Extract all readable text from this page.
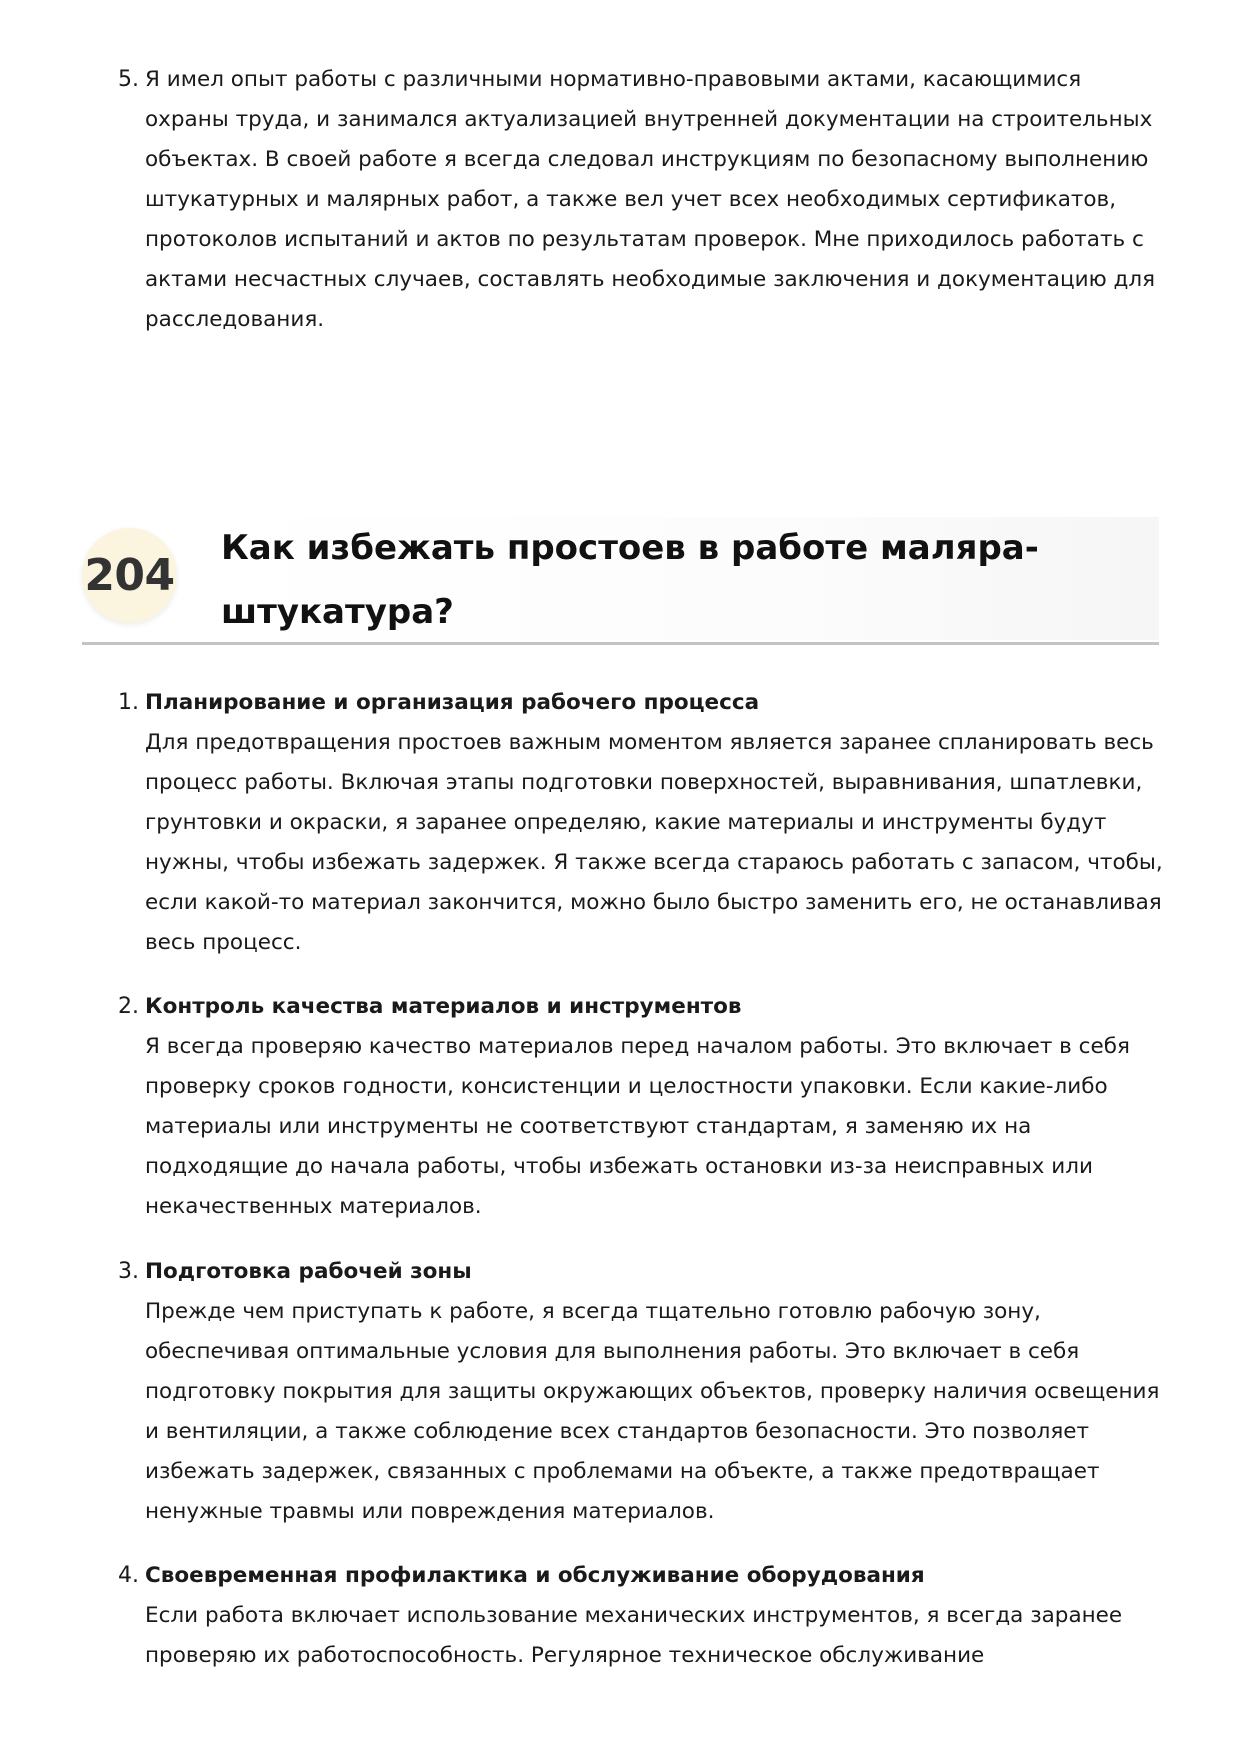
5. Я имел опыт работы с различными нормативно-правовыми актами, касающимися охраны труда, и занимался актуализацией внутренней документации на строительных объектах. В своей работе я всегда следовал инструкциям по безопасному выполнению штукатурных и малярных работ, а также вел учет всех необходимых сертификатов, протоколов испытаний и актов по результатам проверок. Мне приходилось работать с актами несчастных случаев, составлять необходимые заключения и документацию для расследования.
204
Как избежать простоев в работе маляра-штукатура?
1. Планирование и организация рабочего процесса
Для предотвращения простоев важным моментом является заранее спланировать весь процесс работы. Включая этапы подготовки поверхностей, выравнивания, шпатлевки, грунтовки и окраски, я заранее определяю, какие материалы и инструменты будут нужны, чтобы избежать задержек. Я также всегда стараюсь работать с запасом, чтобы, если какой-то материал закончится, можно было быстро заменить его, не останавливая весь процесс.
2. Контроль качества материалов и инструментов
Я всегда проверяю качество материалов перед началом работы. Это включает в себя проверку сроков годности, консистенции и целостности упаковки. Если какие-либо материалы или инструменты не соответствуют стандартам, я заменяю их на подходящие до начала работы, чтобы избежать остановки из-за неисправных или некачественных материалов.
3. Подготовка рабочей зоны
Прежде чем приступать к работе, я всегда тщательно готовлю рабочую зону, обеспечивая оптимальные условия для выполнения работы. Это включает в себя подготовку покрытия для защиты окружающих объектов, проверку наличия освещения и вентиляции, а также соблюдение всех стандартов безопасности. Это позволяет избежать задержек, связанных с проблемами на объекте, а также предотвращает ненужные травмы или повреждения материалов.
4. Своевременная профилактика и обслуживание оборудования
Если работа включает использование механических инструментов, я всегда заранее проверяю их работоспособность. Регулярное техническое обслуживание
